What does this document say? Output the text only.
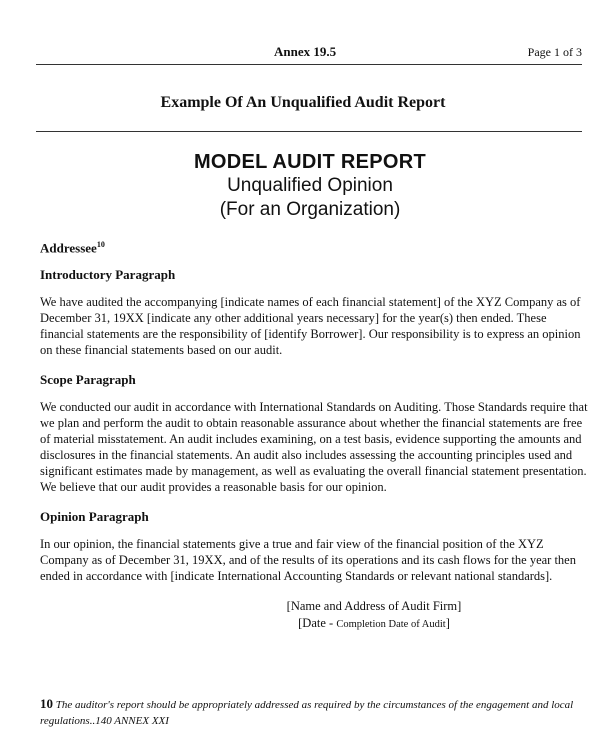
Annex 19.5	Page 1 of 3
Example Of An Unqualified Audit Report
MODEL AUDIT REPORT
Unqualified Opinion
(For an Organization)
Addressee$^{10}$
Introductory Paragraph

We have audited the accompanying [indicate names of each financial statement] of the XYZ Company as of December 31, 19XX [indicate any other additional years necessary] for the year(s) then ended. These financial statements are the responsibility of [identify Borrower]. Our responsibility is to express an opinion on these financial statements based on our audit.

Scope Paragraph

We conducted our audit in accordance with International Standards on Auditing. Those Standards require that we plan and perform the audit to obtain reasonable assurance about whether the financial statements are free of material misstatement. An audit includes examining, on a test basis, evidence supporting the amounts and disclosures in the financial statements. An audit also includes assessing the accounting principles used and significant estimates made by management, as well as evaluating the overall financial statement presentation. We believe that our audit provides a reasonable basis for our opinion.

Opinion Paragraph

In our opinion, the financial statements give a true and fair view of the financial position of the XYZ Company as of December 31, 19XX, and of the results of its operations and its cash flows for the year then ended in accordance with [indicate International Accounting Standards or relevant national standards].

[Name and Address of Audit Firm]
[Date - Completion Date of Audit]
10 The auditor's report should be appropriately addressed as required by the circumstances of the engagement and local regulations..140 ANNEX XXI
